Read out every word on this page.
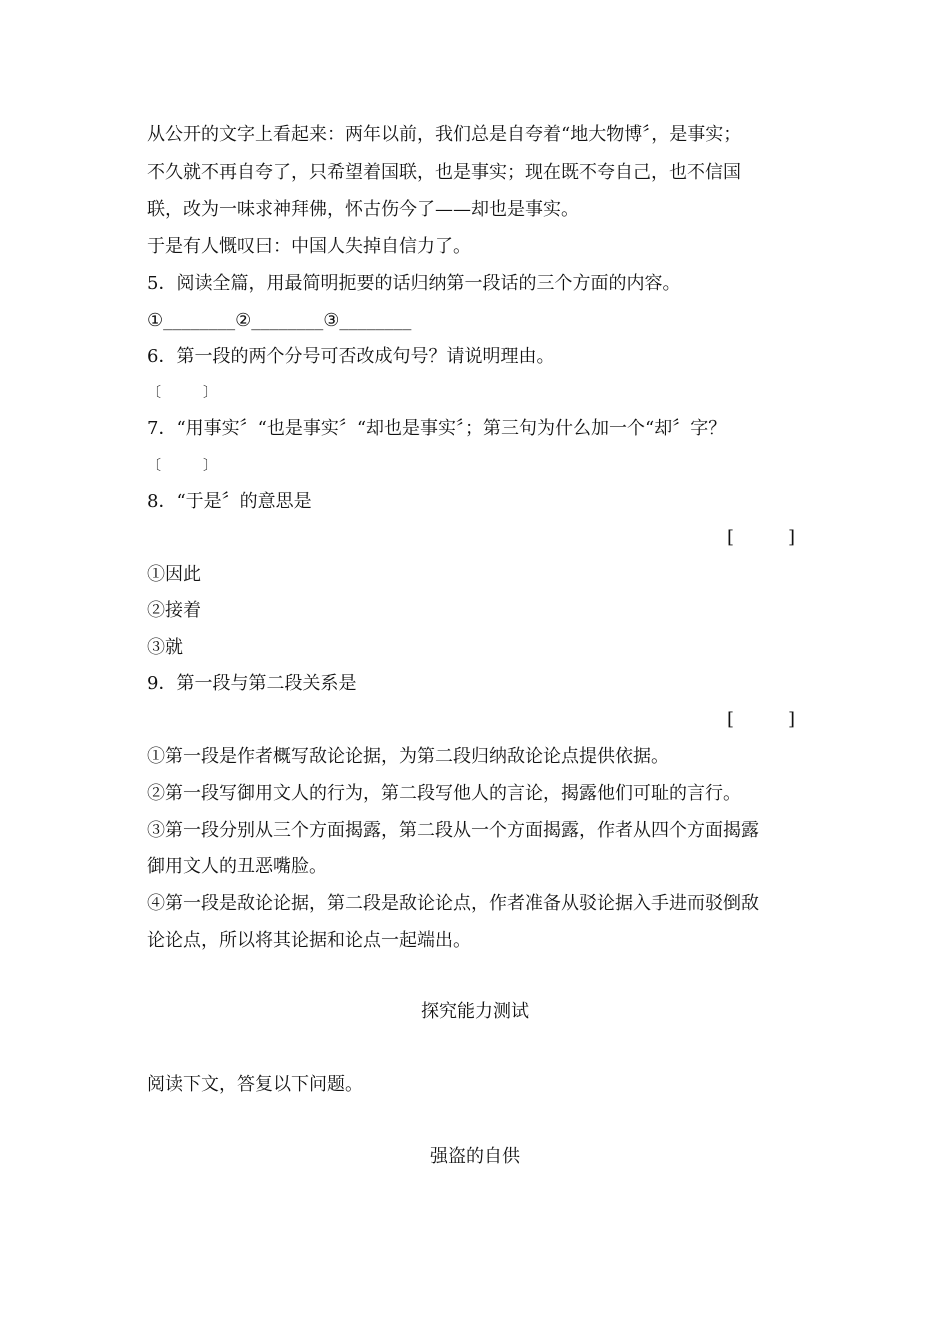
从公开的文字上看起来：两年以前，我们总是自夸着“地大物博〞，是事实；
不久就不再自夸了，只希望着国联，也是事实；现在既不夸自己，也不信国
联，改为一味求神拜佛，怀古伤今了——却也是事实。
于是有人慨叹曰：中国人失掉自信力了。
5．阅读全篇，用最简明扼要的话归纳第一段话的三个方面的内容。
①________②________③________
6．第一段的两个分号可否改成句号？请说明理由。
〔　　　〕
7．“用事实〞“也是事实〞“却也是事实〞；第三句为什么加一个“却〞字？
〔　　　〕
8．“于是〞的意思是
[　　　]
①因此
②接着
③就
9．第一段与第二段关系是
[　　　]
①第一段是作者概写敌论论据，为第二段归纳敌论论点提供依据。
②第一段写御用文人的行为，第二段写他人的言论，揭露他们可耻的言行。
③第一段分别从三个方面揭露，第二段从一个方面揭露，作者从四个方面揭露
御用文人的丑恶嘴脸。
④第一段是敌论论据，第二段是敌论论点，作者准备从驳论据入手进而驳倒敌
论论点，所以将其论据和论点一起端出。
探究能力测试
阅读下文，答复以下问题。
强盗的自供
